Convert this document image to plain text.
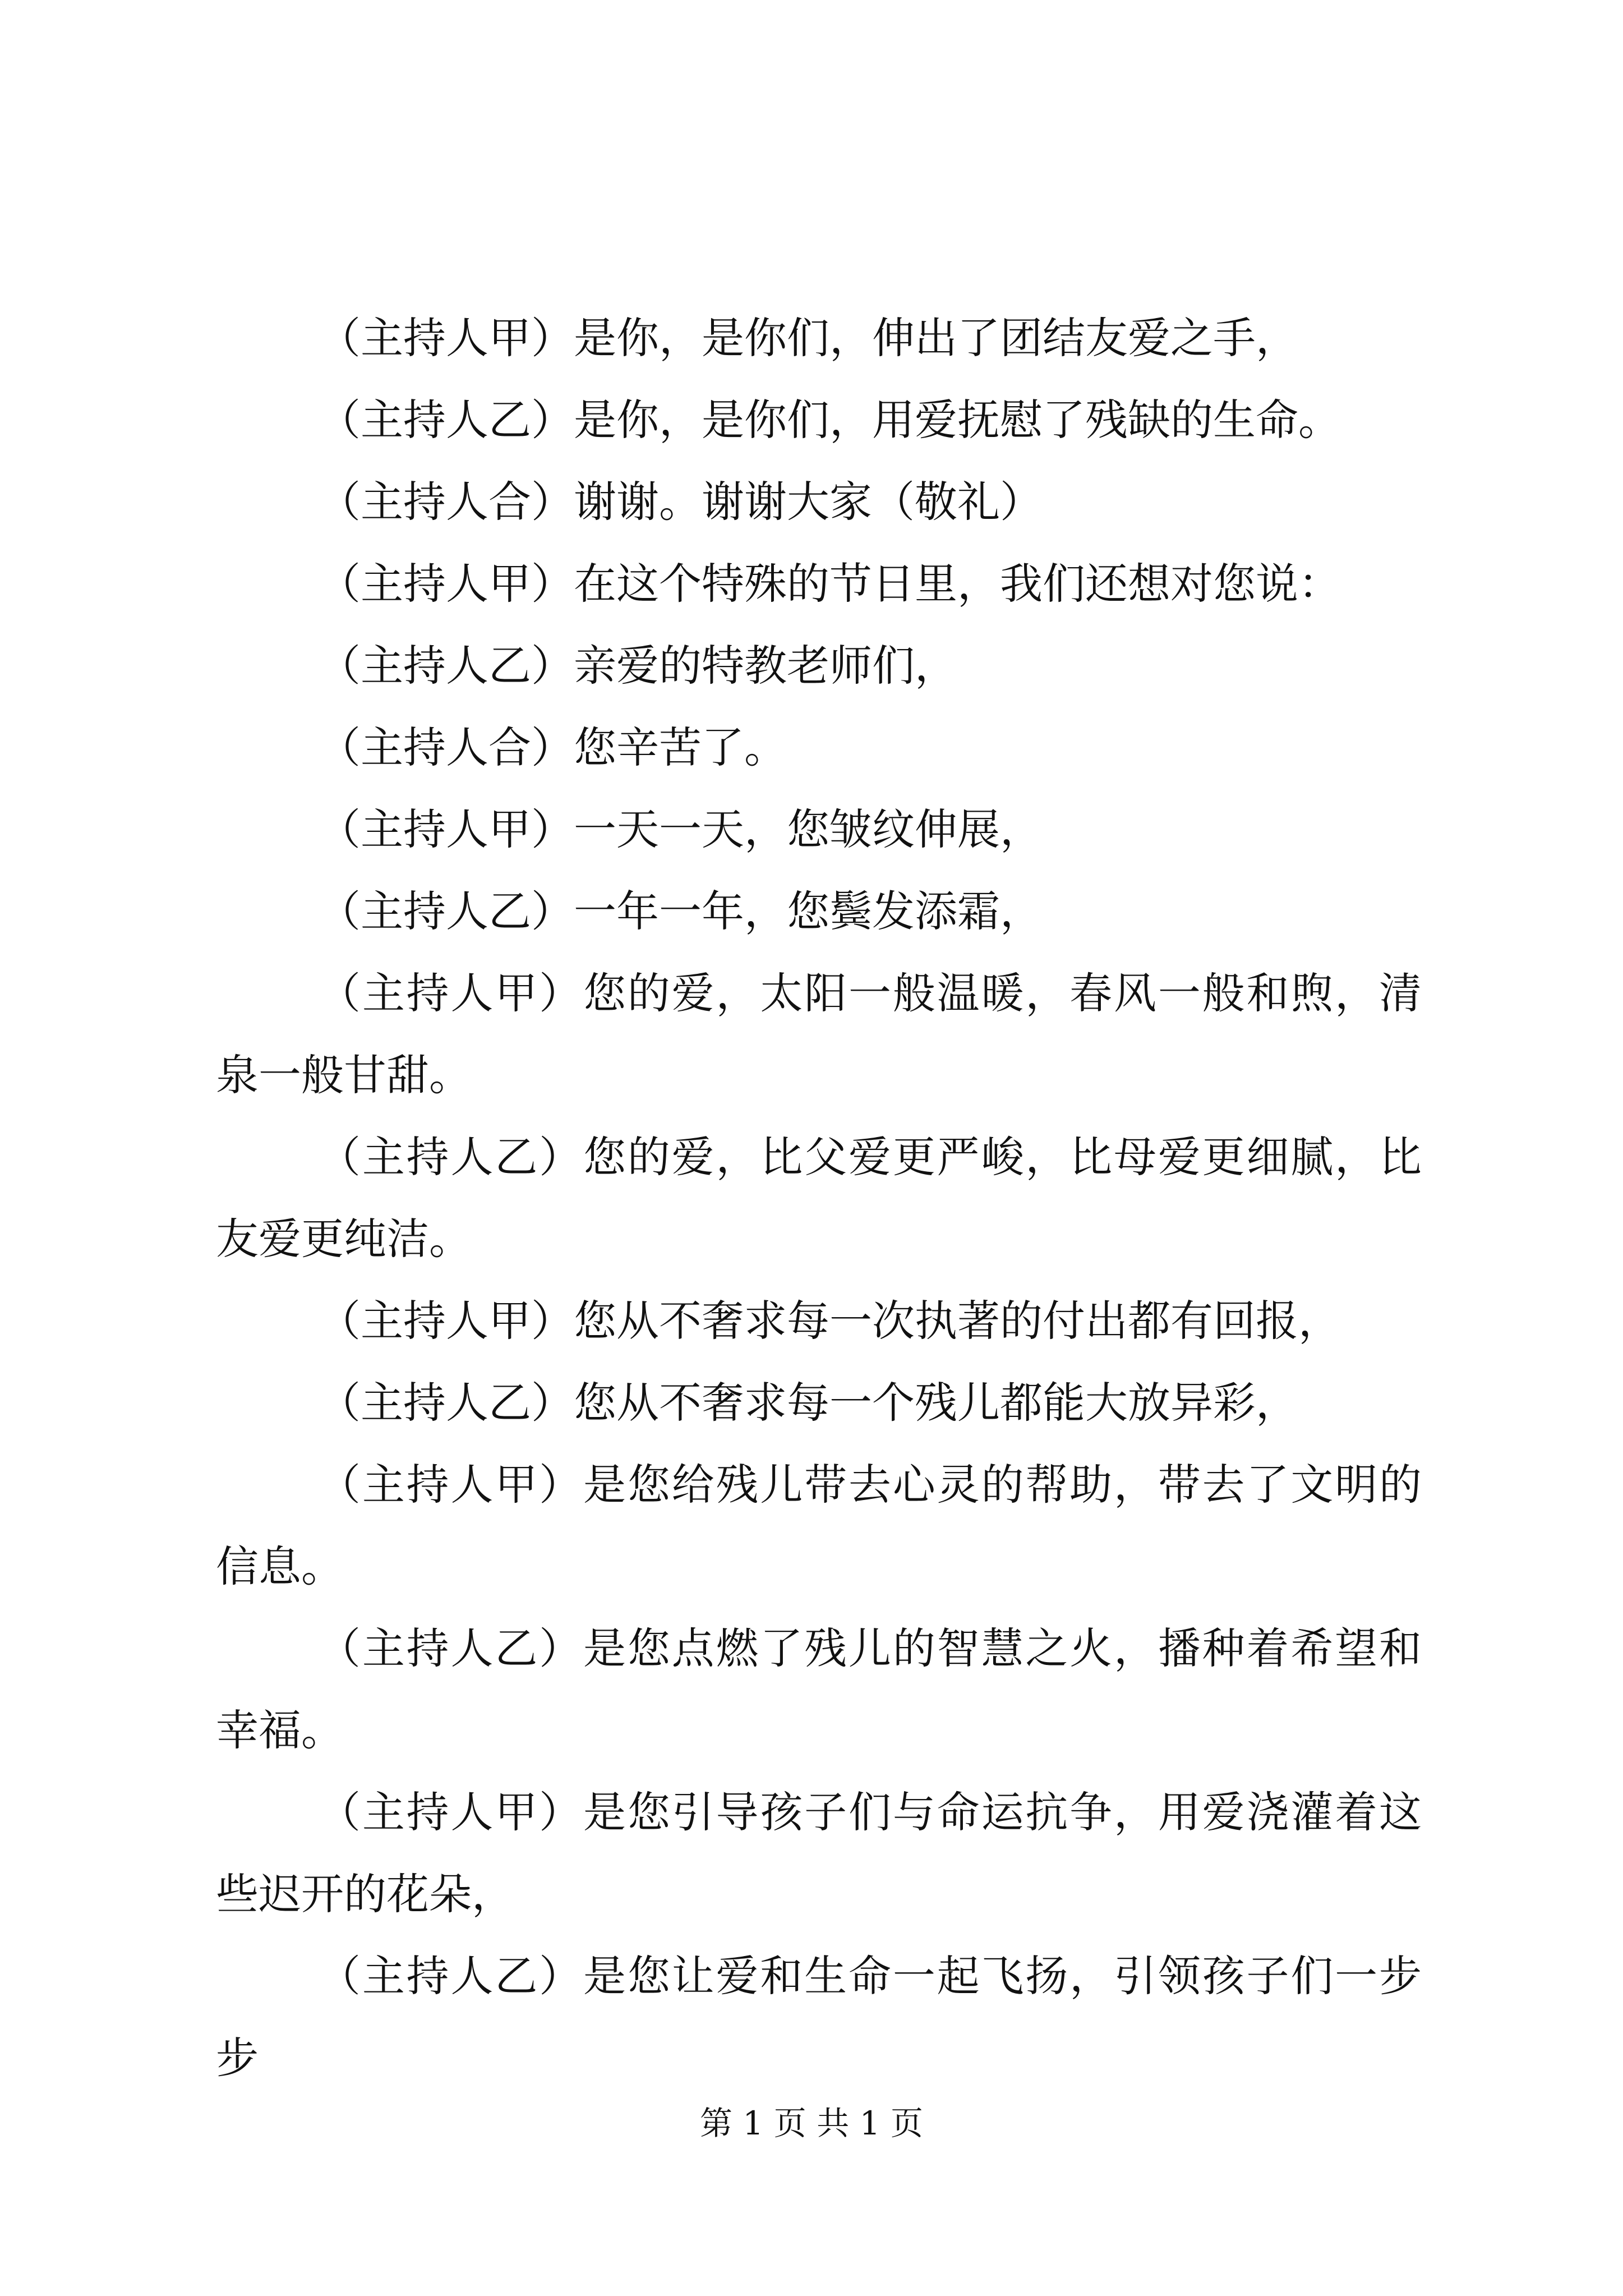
（主持人甲）是你，是你们，伸出了团结友爱之手，

（主持人乙）是你，是你们，用爱抚慰了残缺的生命。

（主持人合）谢谢。谢谢大家（敬礼）

（主持人甲）在这个特殊的节日里，我们还想对您说：

（主持人乙）亲爱的特教老师们，

（主持人合）您辛苦了。

（主持人甲）一天一天，您皱纹伸展，

（主持人乙）一年一年，您鬓发添霜，

（主持人甲）您的爱，太阳一般温暖，春风一般和煦，清泉一般甘甜。

（主持人乙）您的爱，比父爱更严峻，比母爱更细腻，比友爱更纯洁。

（主持人甲）您从不奢求每一次执著的付出都有回报，

（主持人乙）您从不奢求每一个残儿都能大放异彩，

（主持人甲）是您给残儿带去心灵的帮助，带去了文明的信息。

（主持人乙）是您点燃了残儿的智慧之火，播种着希望和幸福。

（主持人甲）是您引导孩子们与命运抗争，用爱浇灌着这些迟开的花朵，

（主持人乙）是您让爱和生命一起飞扬，引领孩子们一步步

第 1 页 共 1 页
